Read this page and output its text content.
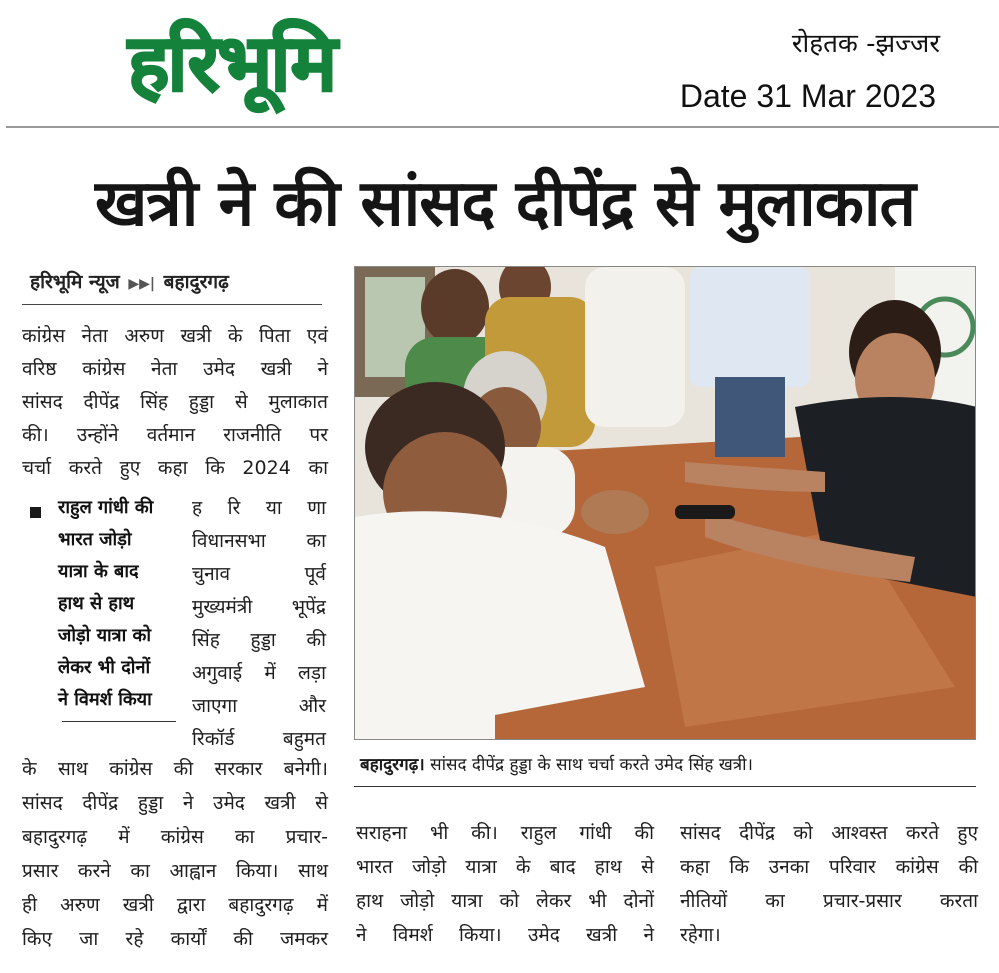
हरिभूमि	रोहतक -झज्जर
Date 31 Mar 2023
खत्री ने की सांसद दीपेंद्र से मुलाकात
हरिभूमि न्यूज ▶▶| बहादुरगढ़
कांग्रेस नेता अरुण खत्री के पिता एवं
वरिष्ठ कांग्रेस नेता उमेद खत्री ने
सांसद दीपेंद्र सिंह हुड्डा से मुलाकात
की। उन्होंने वर्तमान राजनीति पर
चर्चा करते हुए कहा कि 2024 का
राहुल गांधी की
भारत जोड़ो
यात्रा के बाद
हाथ से हाथ
जोड़ो यात्रा को
लेकर भी दोनों
ने विमर्श किया
ह रि या णा
विधानसभा का
चुनाव पूर्व
मुख्यमंत्री भूपेंद्र
सिंह हुड्डा की
अगुवाई में लड़ा
जाएगा और
रिकॉर्ड बहुमत
के साथ कांग्रेस की सरकार बनेगी।
सांसद दीपेंद्र हुड्डा ने उमेद खत्री से
बहादुरगढ़ में कांग्रेस का प्रचार-
प्रसार करने का आह्वान किया। साथ
ही अरुण खत्री द्वारा बहादुरगढ़ में
किए जा रहे कार्यों की जमकर
बहादुरगढ़। सांसद दीपेंद्र हुड्डा के साथ चर्चा करते उमेद सिंह खत्री।
सराहना भी की। राहुल गांधी की
भारत जोड़ो यात्रा के बाद हाथ से
हाथ जोड़ो यात्रा को लेकर भी दोनों
ने विमर्श किया। उमेद खत्री ने
सांसद दीपेंद्र को आश्वस्त करते हुए
कहा कि उनका परिवार कांग्रेस की
नीतियों का प्रचार-प्रसार करता
रहेगा।
